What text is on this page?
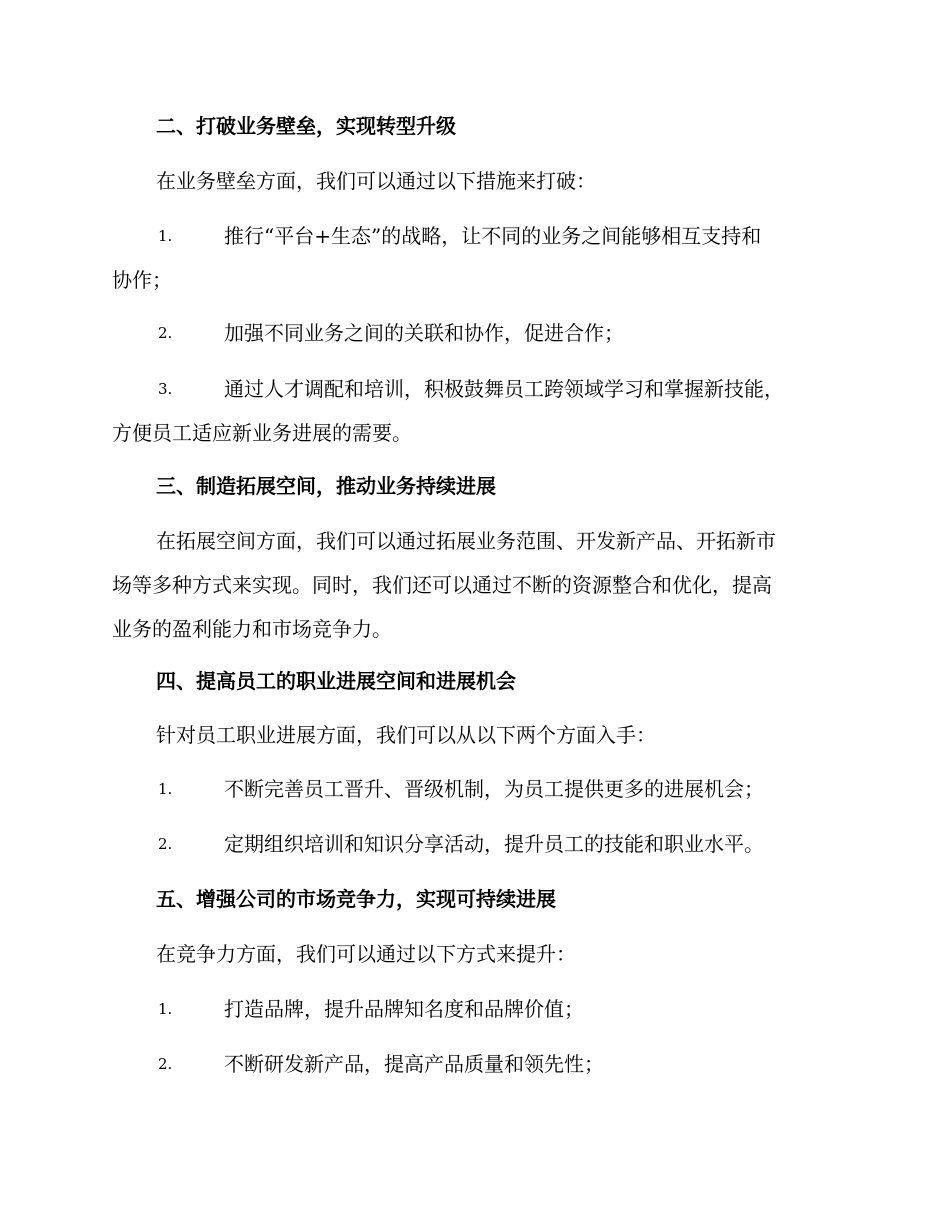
二、打破业务壁垒，实现转型升级
在业务壁垒方面，我们可以通过以下措施来打破：
1.	推行“平台+生态”的战略，让不同的业务之间能够相互支持和
协作；
2.	加强不同业务之间的关联和协作，促进合作；
3.	通过人才调配和培训，积极鼓舞员工跨领域学习和掌握新技能，
方便员工适应新业务进展的需要。
三、制造拓展空间，推动业务持续进展
在拓展空间方面，我们可以通过拓展业务范围、开发新产品、开拓新市
场等多种方式来实现。同时，我们还可以通过不断的资源整合和优化，提高
业务的盈利能力和市场竞争力。
四、提高员工的职业进展空间和进展机会
针对员工职业进展方面，我们可以从以下两个方面入手：
1.	不断完善员工晋升、晋级机制，为员工提供更多的进展机会；
2.	定期组织培训和知识分享活动，提升员工的技能和职业水平。
五、增强公司的市场竞争力，实现可持续进展
在竞争力方面，我们可以通过以下方式来提升：
1.	打造品牌，提升品牌知名度和品牌价值；
2.	不断研发新产品，提高产品质量和领先性；
